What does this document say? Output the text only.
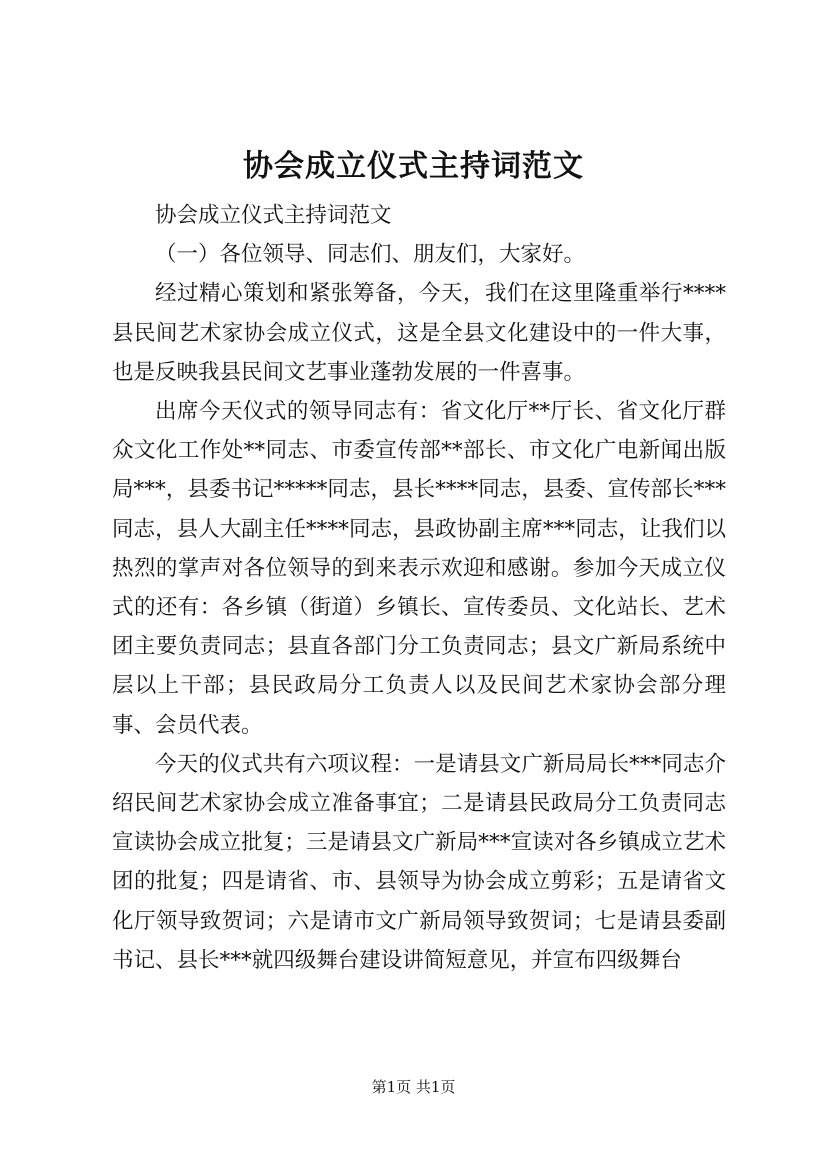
协会成立仪式主持词范文

协会成立仪式主持词范文

（一）各位领导、同志们、朋友们，大家好。

经过精心策划和紧张筹备，今天，我们在这里隆重举行****县民间艺术家协会成立仪式，这是全县文化建设中的一件大事，也是反映我县民间文艺事业蓬勃发展的一件喜事。

出席今天仪式的领导同志有：省文化厅**厅长、省文化厅群众文化工作处**同志、市委宣传部**部长、市文化广电新闻出版局***，县委书记*****同志，县长****同志，县委、宣传部长***同志，县人大副主任****同志，县政协副主席***同志，让我们以热烈的掌声对各位领导的到来表示欢迎和感谢。参加今天成立仪式的还有：各乡镇（街道）乡镇长、宣传委员、文化站长、艺术团主要负责同志；县直各部门分工负责同志；县文广新局系统中层以上干部；县民政局分工负责人以及民间艺术家协会部分理事、会员代表。

今天的仪式共有六项议程：一是请县文广新局局长***同志介绍民间艺术家协会成立准备事宜；二是请县民政局分工负责同志宣读协会成立批复；三是请县文广新局***宣读对各乡镇成立艺术团的批复；四是请省、市、县领导为协会成立剪彩；五是请省文化厅领导致贺词；六是请市文广新局领导致贺词；七是请县委副书记、县长***就四级舞台建设讲简短意见，并宣布四级舞台

第1页 共1页
